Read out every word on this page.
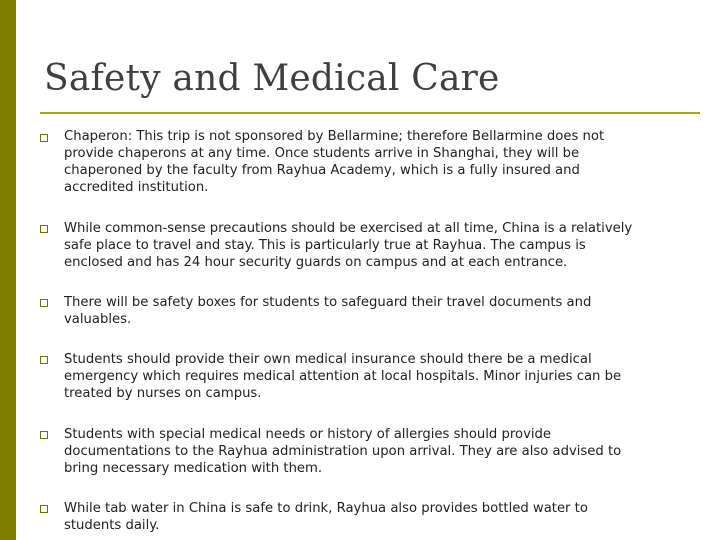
Safety and Medical Care

Chaperon: This trip is not sponsored by Bellarmine; therefore Bellarmine does not
provide chaperons at any time. Once students arrive in Shanghai, they will be
chaperoned by the faculty from Rayhua Academy, which is a fully insured and
accredited institution.

While common-sense precautions should be exercised at all time, China is a relatively
safe place to travel and stay. This is particularly true at Rayhua. The campus is
enclosed and has 24 hour security guards on campus and at each entrance.

There will be safety boxes for students to safeguard their travel documents and
valuables.

Students should provide their own medical insurance should there be a medical
emergency which requires medical attention at local hospitals. Minor injuries can be
treated by nurses on campus.

Students with special medical needs or history of allergies should provide
documentations to the Rayhua administration upon arrival. They are also advised to
bring necessary medication with them.

While tab water in China is safe to drink, Rayhua also provides bottled water to
students daily.
